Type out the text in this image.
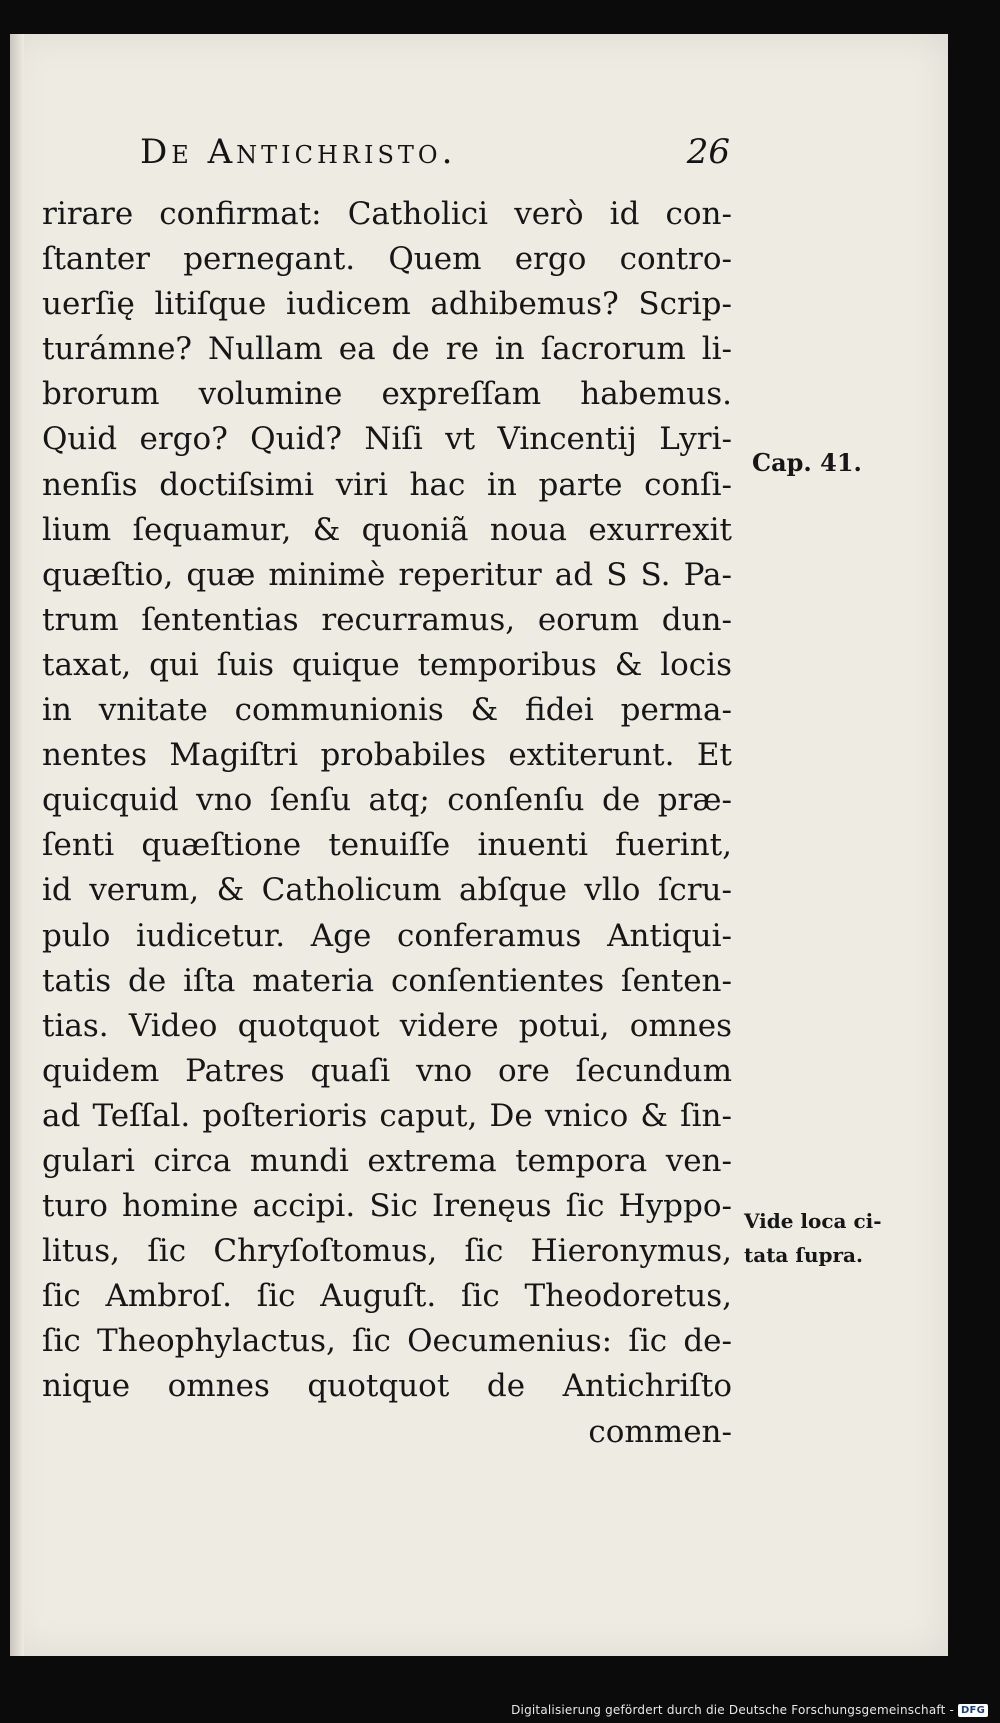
De Antichristo.	26
rirare confirmat: Catholici verò id con-
ſtanter pernegant. Quem ergo contro-
uerſię litiſque iudicem adhibemus? Scrip-
turámne? Nullam ea de re in ſacrorum li-
brorum volumine expreſſam habemus.
Quid ergo? Quid? Niſi vt Vincentij Lyri-
nenſis doctiſsimi viri hac in parte conſi-
lium ſequamur, & quoniã noua exurrexit
quæſtio, quæ minimè reperitur ad S S. Pa-
trum ſententias recurramus, eorum dun-
taxat, qui ſuis quique temporibus & locis
in vnitate communionis & fidei perma-
nentes Magiſtri probabiles extiterunt. Et
quicquid vno ſenſu atq; conſenſu de præ-
ſenti quæſtione tenuiſſe inuenti fuerint,
id verum, & Catholicum abſque vllo ſcru-
pulo iudicetur. Age conferamus Antiqui-
tatis de iſta materia conſentientes ſenten-
tias. Video quotquot videre potui, omnes
quidem Patres quaſi vno ore ſecundum
ad Teſſal. poſterioris caput, De vnico & ſin-
gulari circa mundi extrema tempora ven-
turo homine accipi. Sic Irenęus ſic Hyppo-
litus, ſic Chryſoſtomus, ſic Hieronymus,
ſic Ambroſ. ſic Auguſt. ſic Theodoretus,
ſic Theophylactus, ſic Oecumenius: ſic de-
nique omnes quotquot de Antichriſto
commen-
Cap. 41.
Vide loca ci-
tata ſupra.
Digitalisierung gefördert durch die Deutsche Forschungsgemeinschaft - DFG
